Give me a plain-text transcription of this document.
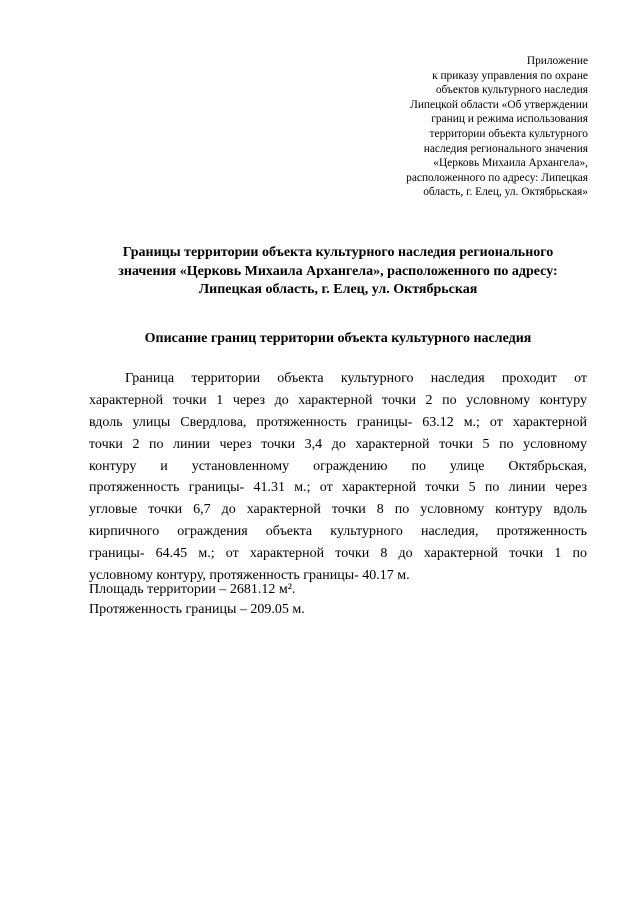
Приложение
к приказу управления по охране
объектов культурного наследия
Липецкой области «Об утверждении
границ и режима использования
территории объекта культурного
наследия регионального значения
«Церковь Михаила Архангела»,
расположенного по адресу: Липецкая
область, г. Елец, ул. Октябрьская»
Границы территории объекта культурного наследия регионального
значения «Церковь Михаила Архангела», расположенного по адресу:
Липецкая область, г. Елец, ул. Октябрьская
Описание границ территории объекта культурного наследия
Граница территории объекта культурного наследия проходит от
характерной точки 1 через до характерной точки 2 по условному контуру
вдоль улицы Свердлова, протяженность границы- 63.12 м.; от характерной
точки 2 по линии через точки 3,4 до характерной точки 5 по условному
контуру и установленному ограждению по улице Октябрьская,
протяженность границы- 41.31 м.; от характерной точки 5 по линии через
угловые точки 6,7 до характерной точки 8 по условному контуру вдоль
кирпичного ограждения объекта культурного наследия, протяженность
границы- 64.45 м.; от характерной точки 8 до характерной точки 1 по
условному контуру, протяженность границы- 40.17 м.
Площадь территории – 2681.12 м².
Протяженность границы – 209.05 м.
